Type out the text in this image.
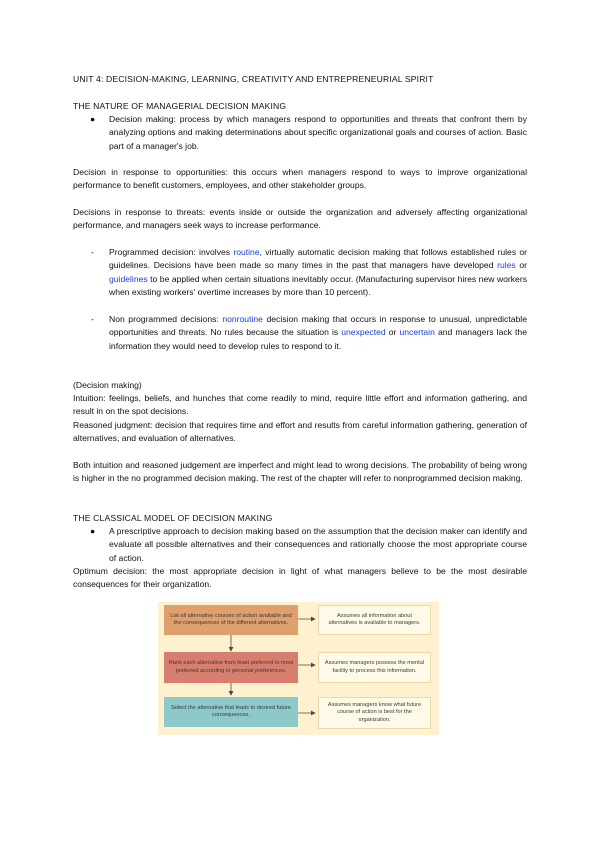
UNIT 4: DECISION-MAKING, LEARNING, CREATIVITY AND ENTREPRENEURIAL SPIRIT

THE NATURE OF MANAGERIAL DECISION MAKING

●	Decision making: process by which managers respond to opportunities and threats that confront them by analyzing options and making determinations about specific organizational goals and courses of action. Basic part of a manager's job.

Decision in response to opportunities: this occurs when managers respond to ways to improve organizational performance to benefit customers, employees, and other stakeholder groups.

Decisions in response to threats: events inside or outside the organization and adversely affecting organizational performance, and managers seek ways to increase performance.

-	Programmed decision: involves routine, virtually automatic decision making that follows established rules or guidelines. Decisions have been made so many times in the past that managers have developed rules or guidelines to be applied when certain situations inevitably occur. (Manufacturing supervisor hires new workers when existing workers' overtime increases by more than 10 percent).

-	Non programmed decisions: nonroutine decision making that occurs in response to unusual, unpredictable opportunities and threats. No rules because the situation is unexpected or uncertain and managers lack the information they would need to develop rules to respond to it.

(Decision making)

Intuition: feelings, beliefs, and hunches that come readily to mind, require little effort and information gathering, and result in on the spot decisions.

Reasoned judgment: decision that requires time and effort and results from careful information gathering, generation of alternatives, and evaluation of alternatives.

Both intuition and reasoned judgement are imperfect and might lead to wrong decisions. The probability of being wrong is higher in the no programmed decision making. The rest of the chapter will refer to nonprogrammed decision making.

THE CLASSICAL MODEL OF DECISION MAKING

●	A prescriptive approach to decision making based on the assumption that the decision maker can identify and evaluate all possible alternatives and their consequences and rationally choose the most appropriate course of action.

Optimum decision: the most appropriate decision in light of what managers believe to be the most desirable consequences for their organization.

List all alternative courses of action available and the consequences of the different alternatives.
Rank each alternative from least preferred to most preferred according to personal preferences.
Select the alternative that leads to desired future consequences.
Assumes all information about alternatives is available to managers.
Assumes managers possess the mental facility to process this information.
Assumes managers know what future course of action is best for the organization.
